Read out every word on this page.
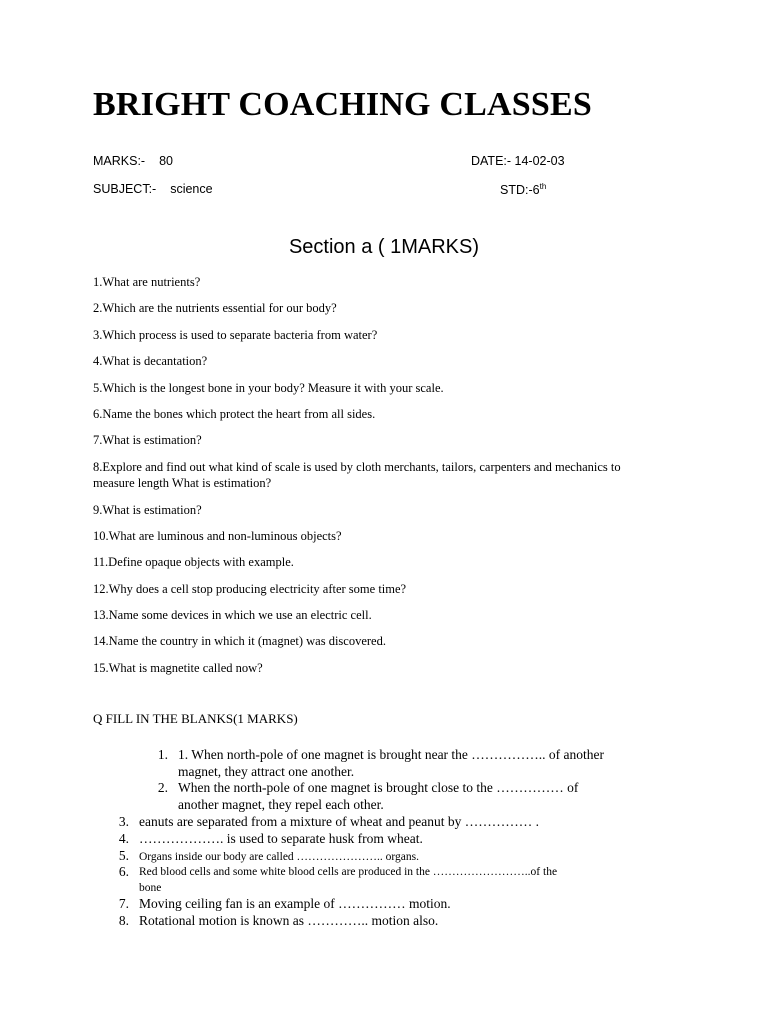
BRIGHT COACHING CLASSES
MARKS:- 80	DATE:- 14-02-03
SUBJECT:- science	STD:-6th
Section a ( 1MARKS)
1.What are nutrients?
2.Which are the nutrients essential for our body?
3.Which process is used to separate bacteria from water?
4.What is decantation?
5.Which is the longest bone in your body? Measure it with your scale.
6.Name the bones which protect the heart from all sides.
7.What is estimation?
8.Explore and find out what kind of scale is used by cloth merchants, tailors, carpenters and mechanics to measure length What is estimation?
9.What is estimation?
10.What are luminous and non-luminous objects?
11.Define opaque objects with example.
12.Why does a cell stop producing electricity after some time?
13.Name some devices in which we use an electric cell.
14.Name the country in which it (magnet) was discovered.
15.What is magnetite called now?
Q FILL IN THE BLANKS(1 MARKS)
1. 1. When north-pole of one magnet is brought near the …………….. of another
magnet, they attract one another.
2. When the north-pole of one magnet is brought close to the …………… of
another magnet, they repel each other.
3. eanuts are separated from a mixture of wheat and peanut by …………… .
4. ………………. is used to separate husk from wheat.
5. Organs inside our body are called ………………….. organs.
6. Red blood cells and some white blood cells are produced in the ……………………..of the
bone
7. Moving ceiling fan is an example of …………… motion.
8. Rotational motion is known as ………….. motion also.
